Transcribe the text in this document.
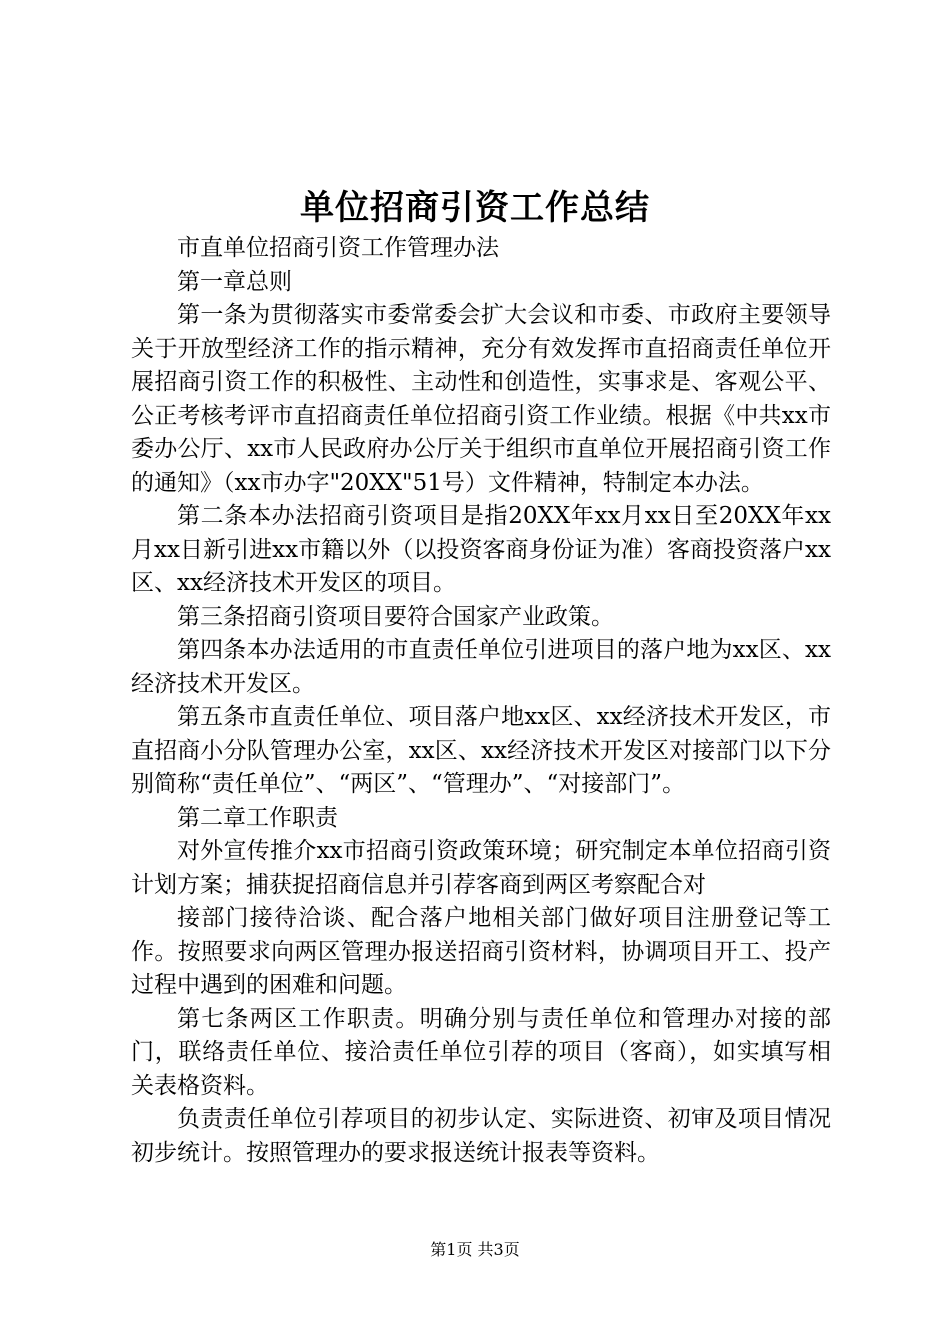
单位招商引资工作总结

市直单位招商引资工作管理办法

第一章总则

第一条为贯彻落实市委常委会扩大会议和市委、市政府主要领导关于开放型经济工作的指示精神，充分有效发挥市直招商责任单位开展招商引资工作的积极性、主动性和创造性，实事求是、客观公平、公正考核考评市直招商责任单位招商引资工作业绩。根据《中共xx市委办公厅、xx市人民政府办公厅关于组织市直单位开展招商引资工作的通知》（xx市办字"20XX"51号）文件精神，特制定本办法。

第二条本办法招商引资项目是指20XX年xx月xx日至20XX年xx月xx日新引进xx市籍以外（以投资客商身份证为准）客商投资落户xx区、xx经济技术开发区的项目。

第三条招商引资项目要符合国家产业政策。

第四条本办法适用的市直责任单位引进项目的落户地为xx区、xx经济技术开发区。

第五条市直责任单位、项目落户地xx区、xx经济技术开发区，市直招商小分队管理办公室，xx区、xx经济技术开发区对接部门以下分别简称“责任单位”、“两区”、“管理办”、“对接部门”。

第二章工作职责

对外宣传推介xx市招商引资政策环境；研究制定本单位招商引资计划方案；捕获捉招商信息并引荐客商到两区考察配合对

接部门接待洽谈、配合落户地相关部门做好项目注册登记等工作。按照要求向两区管理办报送招商引资材料，协调项目开工、投产过程中遇到的困难和问题。

第七条两区工作职责。明确分别与责任单位和管理办对接的部门，联络责任单位、接洽责任单位引荐的项目（客商），如实填写相关表格资料。

负责责任单位引荐项目的初步认定、实际进资、初审及项目情况初步统计。按照管理办的要求报送统计报表等资料。

第1页 共3页
